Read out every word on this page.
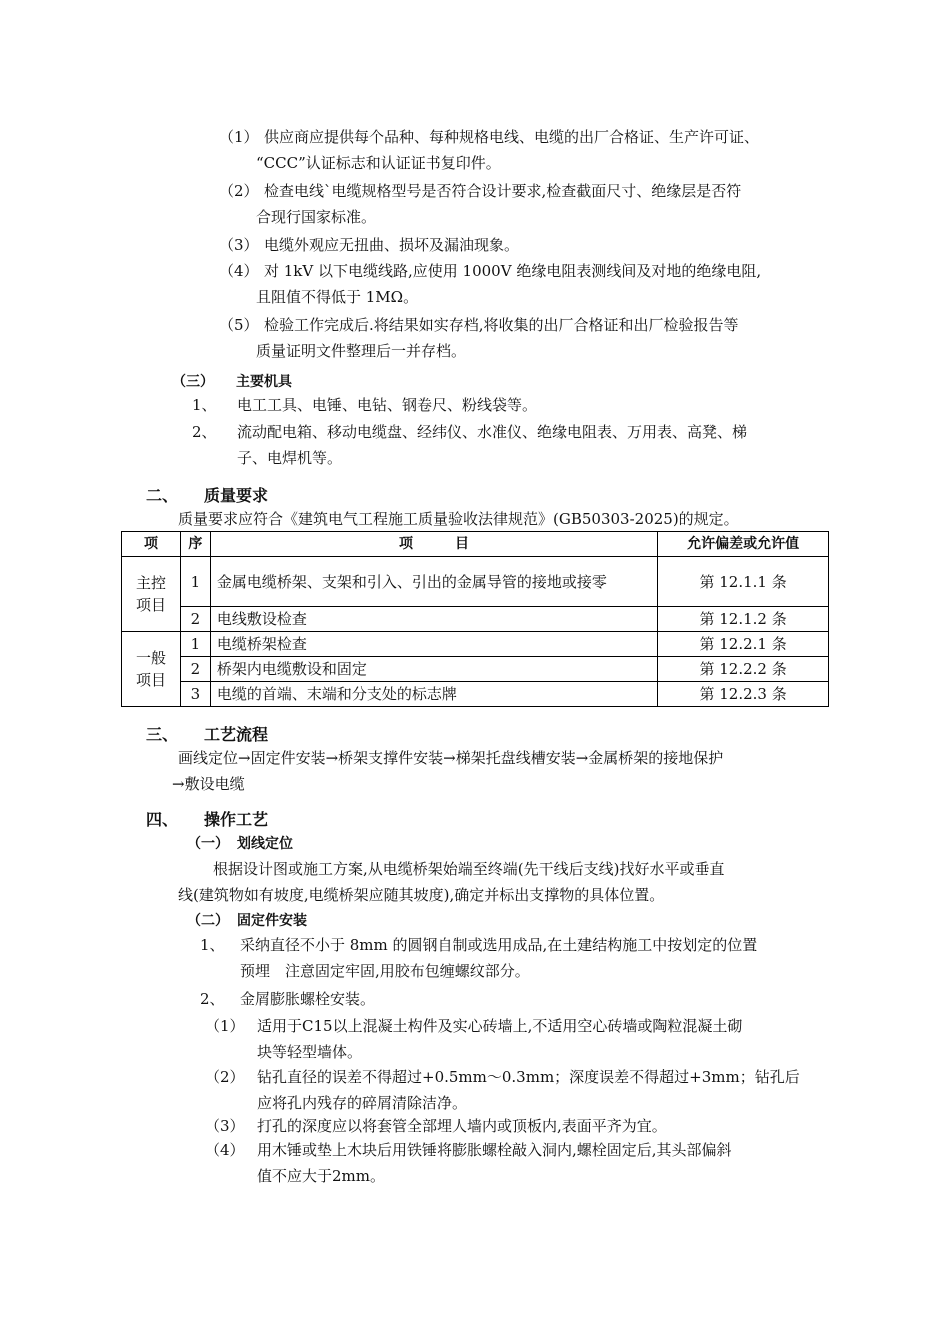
（1） 供应商应提供每个品种、每种规格电线、电缆的出厂合格证、生产许可证、
“CCC”认证标志和认证证书复印件。
（2） 检查电线`电缆规格型号是否符合设计要求,检查截面尺寸、绝缘层是否符
合现行国家标准。
（3） 电缆外观应无扭曲、损坏及漏油现象。
（4） 对 1kV 以下电缆线路,应使用 1000V 绝缘电阻表测线间及对地的绝缘电阻,
且阻值不得低于 1MΩ。
（5） 检验工作完成后.将结果如实存档,将收集的出厂合格证和出厂检验报告等
质量证明文件整理后一并存档。
（三） 主要机具
1、 电工工具、电锤、电钻、钢卷尺、粉线袋等。
2、 流动配电箱、移动电缆盘、经纬仪、水准仪、绝缘电阻表、万用表、高凳、梯
子、电焊机等。
二、 质量要求
质量要求应符合《建筑电气工程施工质量验收法律规范》(GB50303-2025)的规定。
项	序	项　　　目	允许偏差或允许值

主控
项目	1	金属电缆桥架、支架和引入、引出的金属导管的接地或接零	第 12.1.1 条
	2	电线敷设检查	第 12.1.2 条

一般
项目	1	电缆桥架检查	第 12.2.1 条
	2	桥架内电缆敷设和固定	第 12.2.2 条
	3	电缆的首端、末端和分支处的标志牌	第 12.2.3 条
三、 工艺流程
画线定位→固定件安装→桥架支撑件安装→梯架托盘线槽安装→金属桥架的接地保护
→敷设电缆
四、 操作工艺
（一） 划线定位
根据设计图或施工方案,从电缆桥架始端至终端(先干线后支线)找好水平或垂直
线(建筑物如有坡度,电缆桥架应随其坡度),确定并标出支撑物的具体位置。
（二） 固定件安装
1、 采纳直径不小于 8mm 的圆钢自制或选用成品,在土建结构施工中按划定的位置
预埋　注意固定牢固,用胶布包缠螺纹部分。
2、 金屑膨胀螺栓安装。
（1） 适用于C15以上混凝土构件及实心砖墙上,不适用空心砖墙或陶粒混凝土砌
块等轻型墙体。
（2） 钻孔直径的误差不得超过+0.5mm～0.3mm；深度误差不得超过+3mm；钻孔后
应将孔内残存的碎屑清除洁净。
（3） 打孔的深度应以将套管全部埋人墙内或顶板内,表面平齐为宜。
（4） 用木锤或垫上木块后用铁锤将膨胀螺栓敲入洞内,螺栓固定后,其头部偏斜
值不应大于2mm。
